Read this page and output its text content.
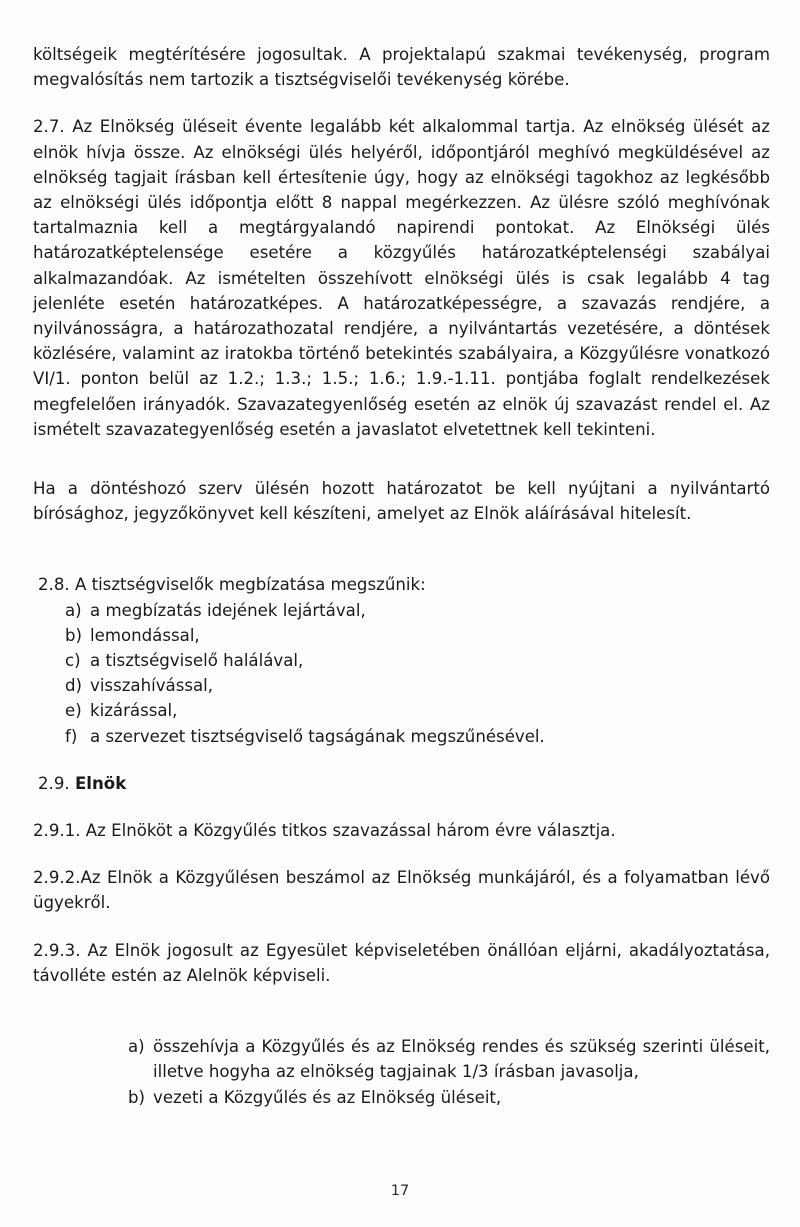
költségeik megtérítésére jogosultak. A projektalapú szakmai tevékenység, program megvalósítás nem tartozik a tisztségviselői tevékenység körébe.

2.7. Az Elnökség üléseit évente legalább két alkalommal tartja. Az elnökség ülését az elnök hívja össze. Az elnökségi ülés helyéről, időpontjáról meghívó megküldésével az elnökség tagjait írásban kell értesítenie úgy, hogy az elnökségi tagokhoz az legkésőbb az elnökségi ülés időpontja előtt 8 nappal megérkezzen. Az ülésre szóló meghívónak tartalmaznia kell a megtárgyalandó napirendi pontokat. Az Elnökségi ülés határozatképtelensége esetére a közgyűlés határozatképtelenségi szabályai alkalmazandóak. Az ismételten összehívott elnökségi ülés is csak legalább 4 tag jelenléte esetén határozatképes. A határozatképességre, a szavazás rendjére, a nyilvánosságra, a határozathozatal rendjére, a nyilvántartás vezetésére, a döntések közlésére, valamint az iratokba történő betekintés szabályaira, a Közgyűlésre vonatkozó VI/1. ponton belül az 1.2.; 1.3.; 1.5.; 1.6.; 1.9.-1.11. pontjába foglalt rendelkezések megfelelően irányadók. Szavazategyenlőség esetén az elnök új szavazást rendel el. Az ismételt szavazategyenlőség esetén a javaslatot elvetettnek kell tekinteni.

Ha a döntéshozó szerv ülésén hozott határozatot be kell nyújtani a nyilvántartó bírósághoz, jegyzőkönyvet kell készíteni, amelyet az Elnök aláírásával hitelesít.

2.8. A tisztségviselők megbízatása megszűnik:

a) a megbízatás idejének lejártával,
b) lemondással,
c) a tisztségviselő halálával,
d) visszahívással,
e) kizárással,
f) a szervezet tisztségviselő tagságának megszűnésével.

2.9. Elnök

2.9.1. Az Elnököt a Közgyűlés titkos szavazással három évre választja.

2.9.2.Az Elnök a Közgyűlésen beszámol az Elnökség munkájáról, és a folyamatban lévő ügyekről.

2.9.3. Az Elnök jogosult az Egyesület képviseletében önállóan eljárni, akadályoztatása, távolléte estén az Alelnök képviseli.

a) összehívja a Közgyűlés és az Elnökség rendes és szükség szerinti üléseit, illetve hogyha az elnökség tagjainak 1/3 írásban javasolja,
b) vezeti a Közgyűlés és az Elnökség üléseit,
17
